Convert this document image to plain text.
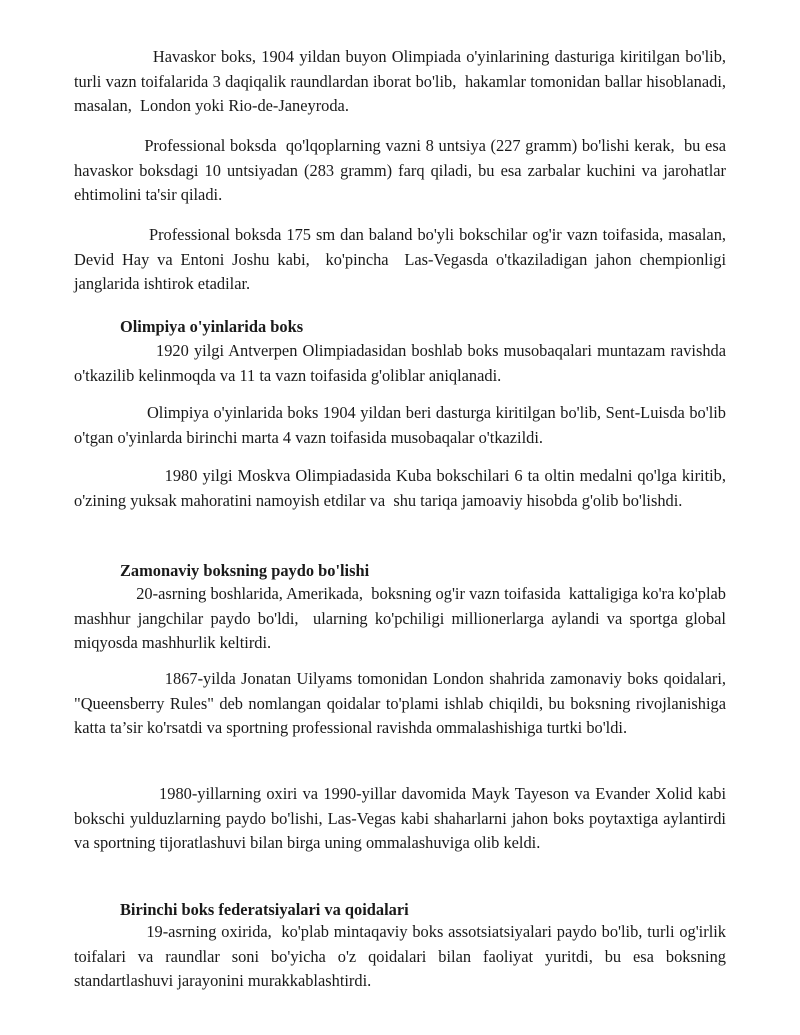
Havaskor boks, 1904 yildan buyon Olimpiada o'yinlarining dasturiga kiritilgan bo'lib,  turli vazn toifalarida 3 daqiqalik raundlardan iborat bo'lib,  hakamlar tomonidan ballar hisoblanadi, masalan,  London yoki Rio-de-Janeyroda.

Professional boksda  qo'lqoplarning vazni 8 untsiya (227 gramm) bo'lishi kerak,  bu esa havaskor boksdagi 10 untsiyadan (283 gramm) farq qiladi, bu esa zarbalar kuchini va jarohatlar ehtimolini ta'sir qiladi.

Professional boksda 175 sm dan baland bo'yli bokschilar og'ir vazn toifasida, masalan,  Devid Hay va Entoni Joshu kabi,  ko'pincha  Las-Vegasda o'tkaziladigan jahon chempionligi janglarida ishtirok etadilar.

Olimpiya o'yinlarida boks

1920 yilgi Antverpen Olimpiadasidan boshlab boks musobaqalari muntazam ravishda o'tkazilib kelinmoqda va 11 ta vazn toifasida g'oliblar aniqlanadi.

Olimpiya o'yinlarida boks 1904 yildan beri dasturga kiritilgan bo'lib, Sent-Luisda bo'lib o'tgan o'yinlarda birinchi marta 4 vazn toifasida musobaqalar o'tkazildi.

1980 yilgi Moskva Olimpiadasida Kuba bokschilari 6 ta oltin medalni qo'lga kiritib, o'zining yuksak mahoratini namoyish etdilar va  shu tariqa jamoaviy hisobda g'olib bo'lishdi.

Zamonaviy boksning paydo bo'lishi

20-asrning boshlarida, Amerikada,  boksning og'ir vazn toifasida  kattaligiga ko'ra ko'plab mashhur jangchilar paydo bo'ldi,  ularning ko'pchiligi millionerlarga aylandi va sportga global miqyosda mashhurlik keltirdi.

1867-yilda Jonatan Uilyams tomonidan London shahrida zamonaviy boks qoidalari, "Queensberry Rules" deb nomlangan qoidalar to'plami ishlab chiqildi, bu boksning rivojlanishiga katta ta’sir ko'rsatdi va sportning professional ravishda ommalashishiga turtki bo'ldi.

1980-yillarning oxiri va 1990-yillar davomida Mayk Tayeson va Evander Xolid kabi bokschi yulduzlarning paydo bo'lishi, Las-Vegas kabi shaharlarni jahon boks poytaxtiga aylantirdi va sportning tijoratlashuvi bilan birga uning ommalashuviga olib keldi.

Birinchi boks federatsiyalari va qoidalari

19-asrning oxirida,  ko'plab mintaqaviy boks assotsiatsiyalari paydo bo'lib, turli og'irlik toifalari va raundlar soni bo'yicha o'z qoidalari bilan faoliyat yuritdi, bu esa boksning standartlashuvi jarayonini murakkablashtirdi.
